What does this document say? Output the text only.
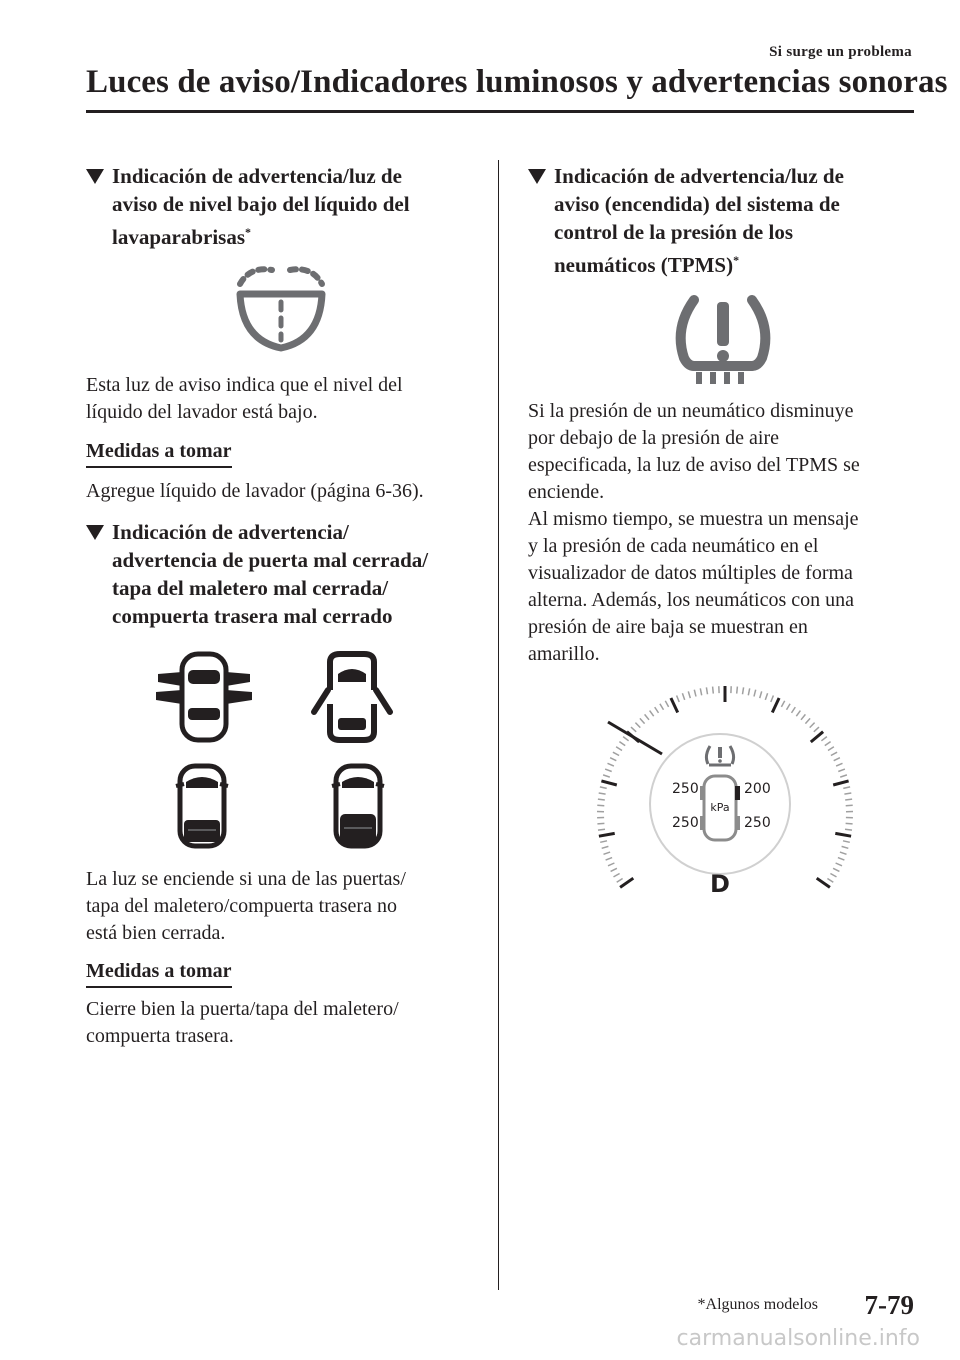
Si surge un problema
Luces de aviso/Indicadores luminosos y advertencias sonoras
Indicación de advertencia/luz de
aviso de nivel bajo del líquido del
lavaparabrisas*
Esta luz de aviso indica que el nivel del
líquido del lavador está bajo.
Medidas a tomar
Agregue líquido de lavador (página 6-36).
Indicación de advertencia/
advertencia de puerta mal cerrada/
tapa del maletero mal cerrada/
compuerta trasera mal cerrado
La luz se enciende si una de las puertas/
tapa del maletero/compuerta trasera no
está bien cerrada.
Medidas a tomar
Cierre bien la puerta/tapa del maletero/
compuerta trasera.
Indicación de advertencia/luz de
aviso (encendida) del sistema de
control de la presión de los
neumáticos (TPMS)*
Si la presión de un neumático disminuye
por debajo de la presión de aire
especificada, la luz de aviso del TPMS se
enciende.
Al mismo tiempo, se muestra un mensaje
y la presión de cada neumático en el
visualizador de datos múltiples de forma
alterna. Además, los neumáticos con una
presión de aire baja se muestran en
amarillo.
250	200
250	250
kPa
D
*Algunos modelos 7-79
carmanualsonline.info
